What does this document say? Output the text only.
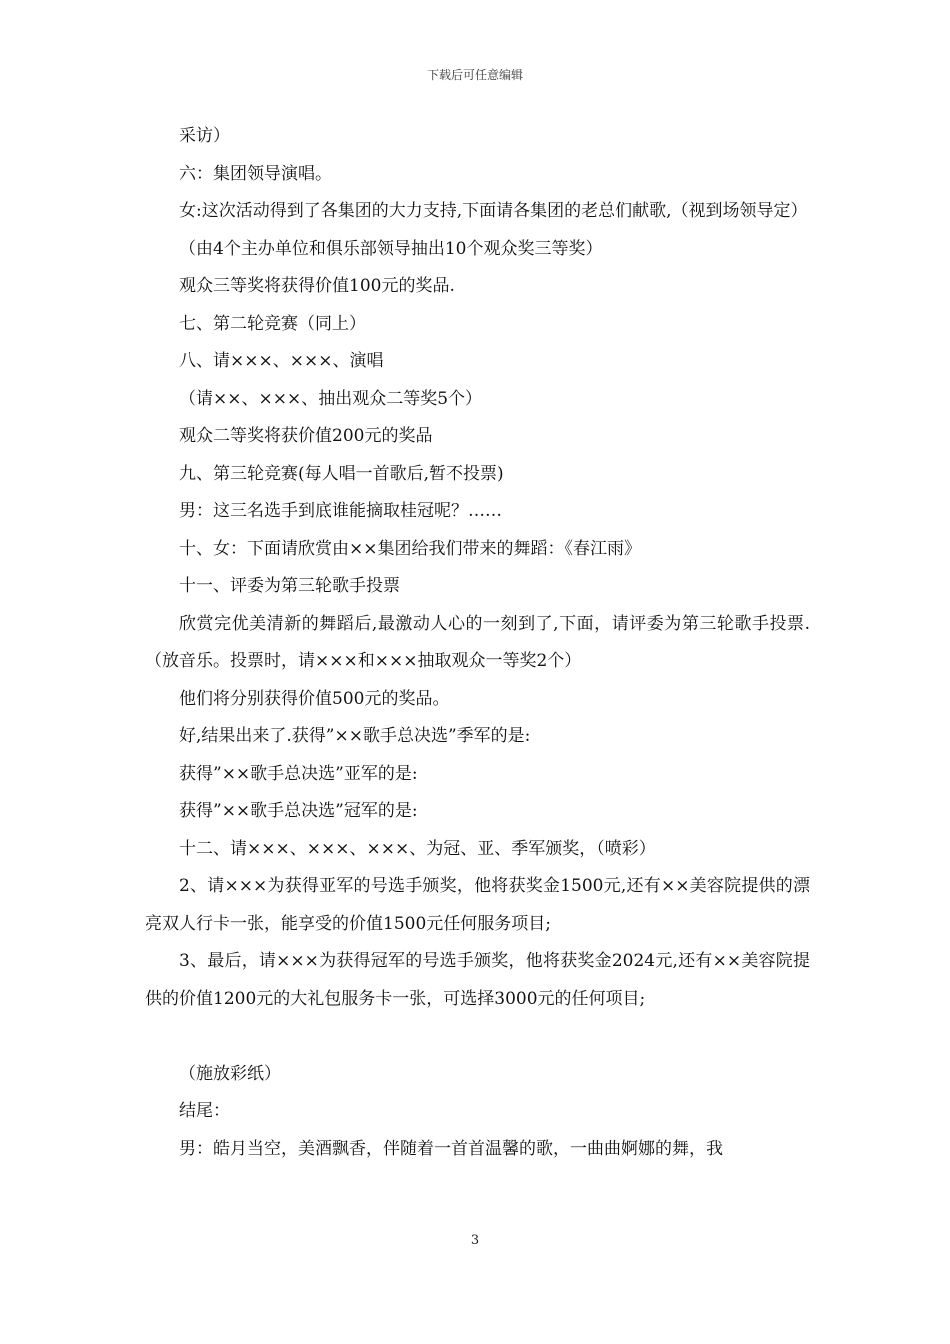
下载后可任意编辑

采访）

六：集团领导演唱。

女:这次活动得到了各集团的大力支持,下面请各集团的老总们献歌,（视到场领导定）

（由4个主办单位和俱乐部领导抽出10个观众奖三等奖）

观众三等奖将获得价值100元的奖品.

七、第二轮竞赛（同上）

八、请×××、×××、演唱

（请××、×××、抽出观众二等奖5个）

观众二等奖将获价值200元的奖品

九、第三轮竞赛(每人唱一首歌后,暂不投票)

男：这三名选手到底谁能摘取桂冠呢？……

十、女：下面请欣赏由××集团给我们带来的舞蹈：《春江雨》

十一、评委为第三轮歌手投票

欣赏完优美清新的舞蹈后,最激动人心的一刻到了,下面，请评委为第三轮歌手投票.（放音乐。投票时，请×××和×××抽取观众一等奖2个）

他们将分别获得价值500元的奖品。

好,结果出来了.获得”××歌手总决选”季军的是:

获得”××歌手总决选”亚军的是:

获得”××歌手总决选”冠军的是:

十二、请×××、×××、×××、为冠、亚、季军颁奖，（喷彩）

2、请×××为获得亚军的号选手颁奖，他将获奖金1500元,还有××美容院提供的漂亮双人行卡一张，能享受的价值1500元任何服务项目;

3、最后，请×××为获得冠军的号选手颁奖，他将获奖金2024元,还有××美容院提供的价值1200元的大礼包服务卡一张，可选择3000元的任何项目;

（施放彩纸）

结尾：

男：皓月当空，美酒飘香，伴随着一首首温馨的歌，一曲曲婀娜的舞，我

3
